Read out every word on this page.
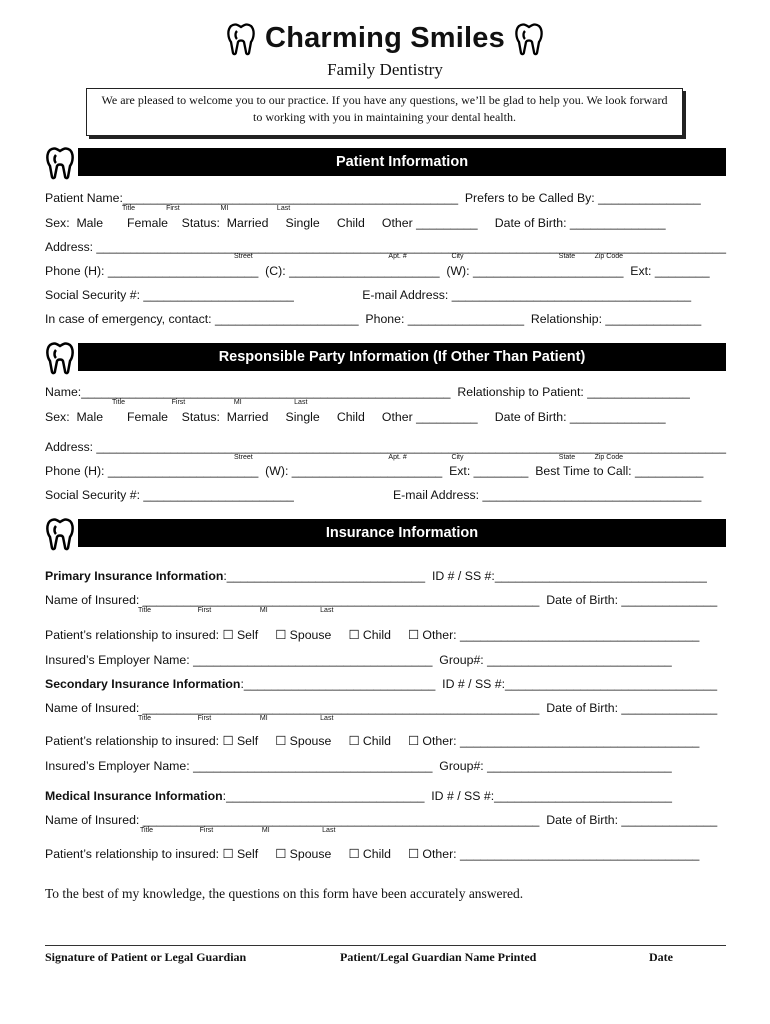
Charming Smiles
Family Dentistry
We are pleased to welcome you to our practice. If you have any questions, we’ll be glad to help you. We look forward to working with you in maintaining your dental health.
Patient Information
Patient Name:_________________________________________________  Prefers to be Called By: _______________
Title                First                     MI                         Last
Sex:  Male       Female    Status:  Married     Single     Child     Other _________     Date of Birth: ______________
Address: _____________________________________________________________________________________________
Street                                                                      Apt. #                       City                                                 State          Zip Code
Phone (H): ______________________  (C): ______________________  (W): ______________________  Ext: ________
Social Security #: ______________________                    E-mail Address: ___________________________________
In case of emergency, contact: _____________________  Phone: _________________  Relationship: ______________
Responsible Party Information (If Other Than Patient)
Name:______________________________________________________  Relationship to Patient: _______________
Title                        First                         MI                           Last
Sex:  Male       Female    Status:  Married     Single     Child     Other _________     Date of Birth: ______________
Address: _____________________________________________________________________________________________
Street                                                                      Apt. #                       City                                                 State          Zip Code
Phone (H): ______________________  (W): ______________________  Ext: ________  Best Time to Call: __________
Social Security #: ______________________                             E-mail Address: ________________________________
Insurance Information
Primary Insurance Information:_____________________________  ID # / SS #:_______________________________
Name of Insured: __________________________________________________________  Date of Birth: ______________
Title                        First                         MI                           Last
Patient’s relationship to insured: ☐ Self     ☐ Spouse     ☐ Child     ☐ Other: ___________________________________
Insured’s Employer Name: ___________________________________  Group#: ___________________________
Secondary Insurance Information:____________________________  ID # / SS #:_______________________________
Name of Insured: __________________________________________________________  Date of Birth: ______________
Title                        First                         MI                           Last
Patient’s relationship to insured: ☐ Self     ☐ Spouse     ☐ Child     ☐ Other: ___________________________________
Insured’s Employer Name: ___________________________________  Group#: ___________________________
Medical Insurance Information:_____________________________  ID # / SS #:__________________________
Name of Insured: __________________________________________________________  Date of Birth: ______________
Title                        First                         MI                           Last
Patient’s relationship to insured: ☐ Self     ☐ Spouse     ☐ Child     ☐ Other: ___________________________________
To the best of my knowledge, the questions on this form have been accurately answered.
Signature of Patient or Legal Guardian	Patient/Legal Guardian Name Printed	Date
